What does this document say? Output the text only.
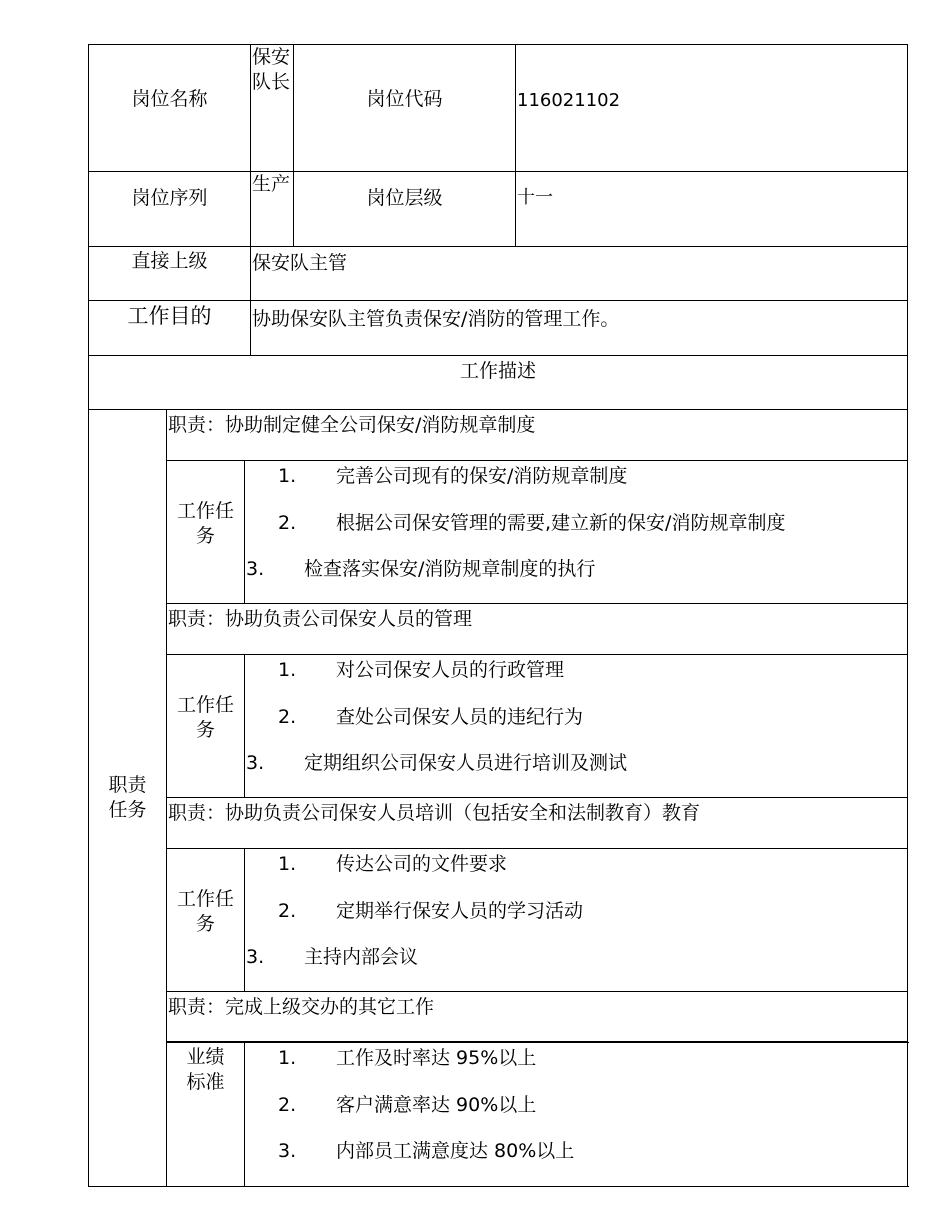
岗位名称			保安队长	岗位代码	116021102
岗位序列			生产	岗位层级	十一
直接上级			保安队主管		
工作目的			协助保安队主管负责保安/消防的管理工作。		
工作描述					

职责任务	职责：协助制定健全公司保安/消防规章制度				

	工作任务	1. 完善公司现有的保安/消防规章制度
2. 根据公司保安管理的需要,建立新的保安/消防规章制度
3. 检查落实保安/消防规章制度的执行			

	职责：协助负责公司保安人员的管理				

	工作任务	1. 对公司保安人员的行政管理
2. 查处公司保安人员的违纪行为
3. 定期组织公司保安人员进行培训及测试			

	职责：协助负责公司保安人员培训（包括安全和法制教育）教育				

	工作任务	1. 传达公司的文件要求
2. 定期举行保安人员的学习活动
3. 主持内部会议			

	职责：完成上级交办的其它工作				

	业绩标准	1. 工作及时率达 95%以上
2. 客户满意率达 90%以上
3. 内部员工满意度达 80%以上			
